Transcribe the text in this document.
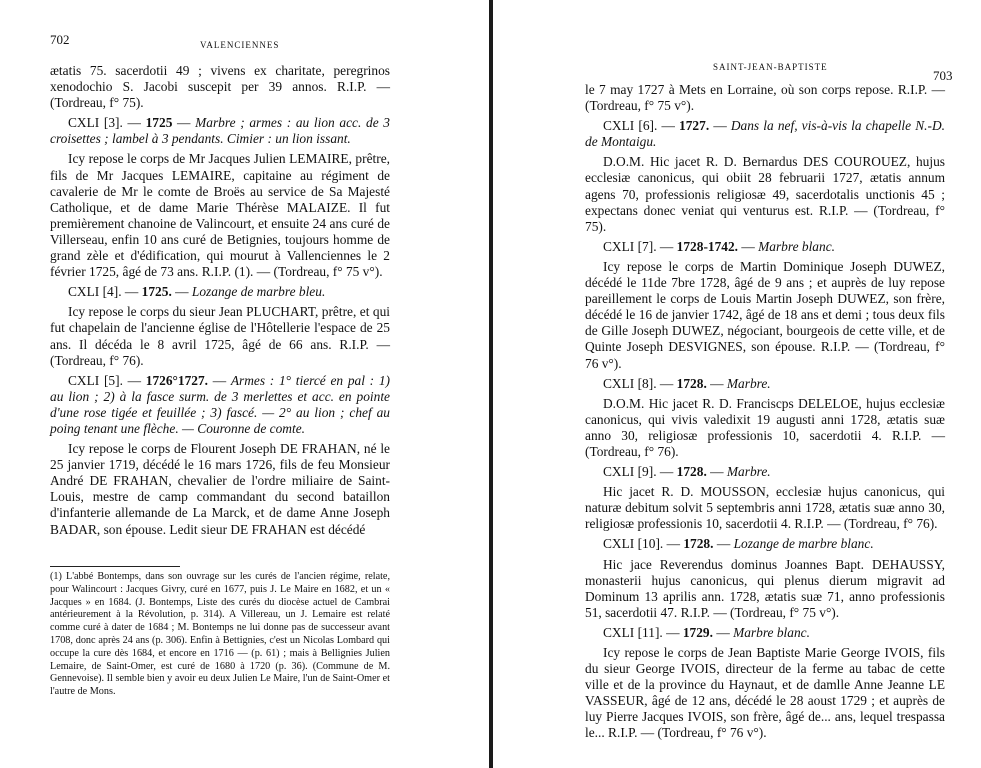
702	VALENCIENNES

ætatis 75. sacerdotii 49 ; vivens ex charitate, peregrinos xenodochio S. Jacobi suscepit per 39 annos. R.I.P. — (Tordreau, f° 75).

CXLI [3]. — 1725 — Marbre ; armes : au lion acc. de 3 croisettes ; lambel à 3 pendants. Cimier : un lion issant.

Icy repose le corps de Mr Jacques Julien LEMAIRE, prêtre, fils de Mr Jacques LEMAIRE, capitaine au régiment de cavalerie de Mr le comte de Broës au service de Sa Majesté Catholique, et de dame Marie Thérèse MALAIZE. Il fut premièrement chanoine de Valincourt, et ensuite 24 ans curé de Villerseau, enfin 10 ans curé de Betignies, toujours homme de grand zèle et d'édification, qui mourut à Vallenciennes le 2 février 1725, âgé de 73 ans. R.I.P. (1). — (Tordreau, f° 75 v°).

CXLI [4]. — 1725. — Lozange de marbre bleu.

Icy repose le corps du sieur Jean PLUCHART, prêtre, et qui fut chapelain de l'ancienne église de l'Hôtellerie l'espace de 25 ans. Il décéda le 8 avril 1725, âgé de 66 ans. R.I.P. — (Tordreau, f° 76).

CXLI [5]. — 1726°1727. — Armes : 1° tiercé en pal : 1) au lion ; 2) à la fasce surm. de 3 merlettes et acc. en pointe d'une rose tigée et feuillée ; 3) fascé. — 2° au lion ; chef au poing tenant une flèche. — Couronne de comte.

Icy repose le corps de Flourent Joseph DE FRAHAN, né le 25 janvier 1719, décédé le 16 mars 1726, fils de feu Monsieur André DE FRAHAN, chevalier de l'ordre miliaire de Saint-Louis, mestre de camp commandant du second bataillon d'infanterie allemande de La Marck, et de dame Anne Joseph BADAR, son épouse. Ledit sieur DE FRAHAN est décédé

(1) L'abbé Bontemps, dans son ouvrage sur les curés de l'ancien régime, relate, pour Walincourt : Jacques Givry, curé en 1677, puis J. Le Maire en 1682, et un « Jacques » en 1684. (J. Bontemps, Liste des curés du diocèse actuel de Cambrai antérieurement à la Révolution, p. 314). A Villereau, un J. Lemaire est relaté comme curé à dater de 1684 ; M. Bontemps ne lui donne pas de successeur avant 1708, donc après 24 ans (p. 306). Enfin à Bettignies, c'est un Nicolas Lombard qui occupe la cure dès 1684, et encore en 1716 — (p. 61) ; mais à Bellignies Julien Lemaire, de Saint-Omer, est curé de 1680 à 1720 (p. 36). (Commune de M. Gennevoise). Il semble bien y avoir eu deux Julien Le Maire, l'un de Saint-Omer et l'autre de Mons.
SAINT-JEAN-BAPTISTE
703

le 7 may 1727 à Mets en Lorraine, où son corps repose. R.I.P. — (Tordreau, f° 75 v°).

CXLI [6]. — 1727. — Dans la nef, vis-à-vis la chapelle N.-D. de Montaigu.

D.O.M. Hic jacet R. D. Bernardus DES COUROUEZ, hujus ecclesiæ canonicus, qui obiit 28 februarii 1727, ætatis annum agens 70, professionis religiosæ 49, sacerdotalis unctionis 45 ; expectans donec veniat qui venturus est. R.I.P. — (Tordreau, f° 75).

CXLI [7]. — 1728-1742. — Marbre blanc.

Icy repose le corps de Martin Dominique Joseph DUWEZ, décédé le 11de 7bre 1728, âgé de 9 ans ; et auprès de luy repose pareillement le corps de Louis Martin Joseph DUWEZ, son frère, décédé le 16 de janvier 1742, âgé de 18 ans et demi ; tous deux fils de Gille Joseph DUWEZ, négociant, bourgeois de cette ville, et de Quinte Joseph DESVIGNES, son épouse. R.I.P. — (Tordreau, f° 76 v°).

CXLI [8]. — 1728. — Marbre.

D.O.M. Hic jacet R. D. Franciscps DELELOE, hujus ecclesiæ canonicus, qui vivis valedixit 19 augusti anni 1728, ætatis suæ anno 30, religiosæ professionis 10, sacerdotii 4. R.I.P. — (Tordreau, f° 76).

CXLI [9]. — 1728. — Marbre.

Hic jacet R. D. MOUSSON, ecclesiæ hujus canonicus, qui naturæ debitum solvit 5 septembris anni 1728, ætatis suæ anno 30, religiosæ professionis 10, sacerdotii 4. R.I.P. — (Tordreau, f° 76).

CXLI [10]. — 1728. — Lozange de marbre blanc.

Hic jace Reverendus dominus Joannes Bapt. DEHAUSSY, monasterii hujus canonicus, qui plenus dierum migravit ad Dominum 13 aprilis ann. 1728, ætatis suæ 71, anno professionis 51, sacerdotii 47. R.I.P. — (Tordreau, f° 75 v°).

CXLI [11]. — 1729. — Marbre blanc.

Icy repose le corps de Jean Baptiste Marie George IVOIS, fils du sieur George IVOIS, directeur de la ferme au tabac de cette ville et de la province du Haynaut, et de damlle Anne Jeanne LE VASSEUR, âgé de 12 ans, décédé le 28 aoust 1729 ; et auprès de luy Pierre Jacques IVOIS, son frère, âgé de... ans, lequel trespassa le... R.I.P. — (Tordreau, f° 76 v°).
